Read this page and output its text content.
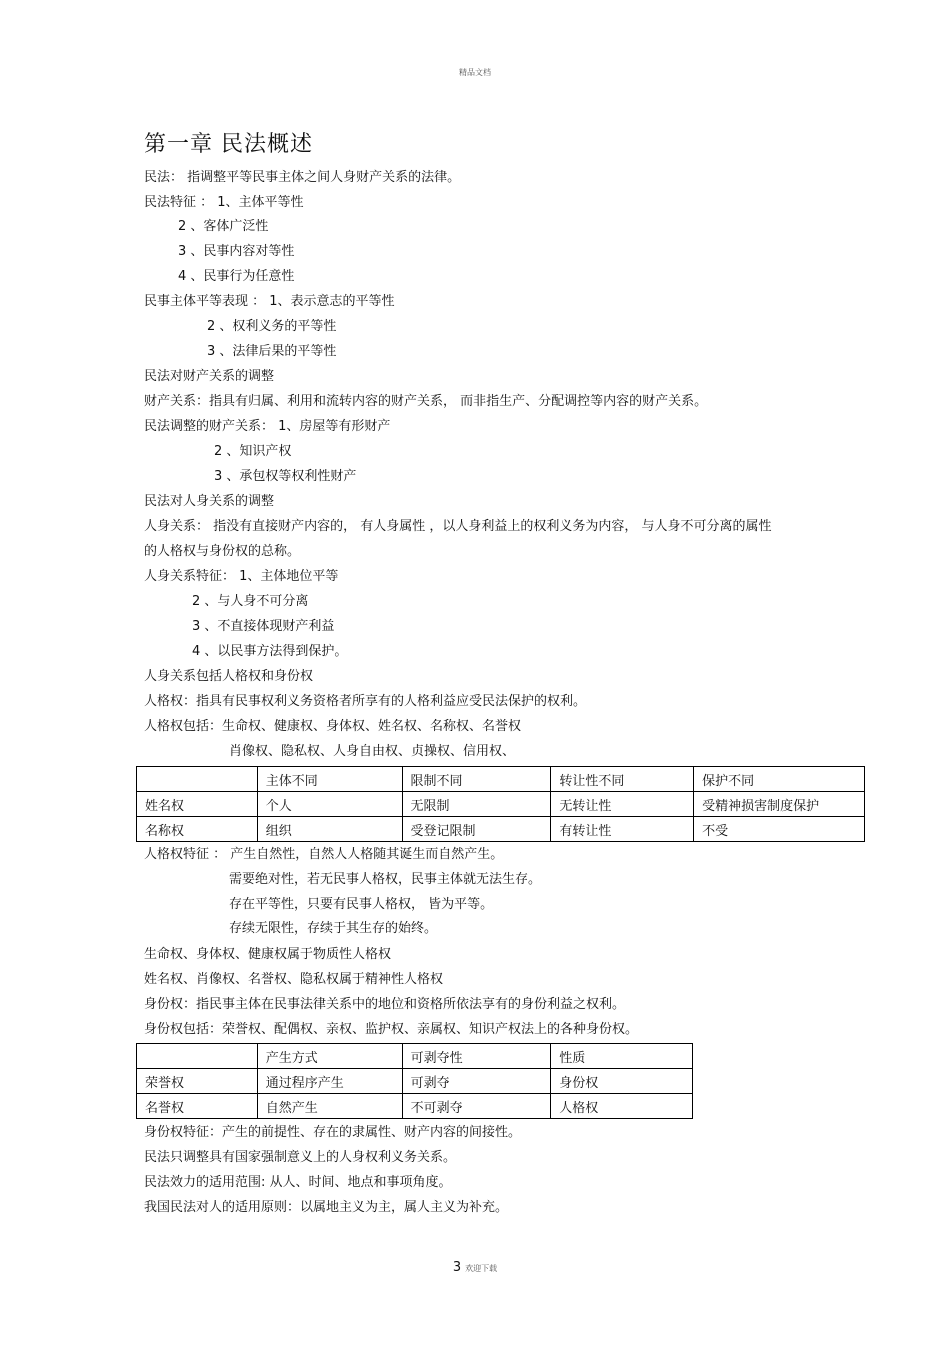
精品文档
第一章 民法概述
民法： 指调整平等民事主体之间人身财产关系的法律。
民法特征 ： 1、主体平等性
2 、客体广泛性
3 、民事内容对等性
4 、民事行为任意性
民事主体平等表现 ： 1、表示意志的平等性
2 、权利义务的平等性
3 、法律后果的平等性
民法对财产关系的调整
财产关系：指具有归属、利用和流转内容的财产关系， 而非指生产、分配调控等内容的财产关系。
民法调整的财产关系： 1、房屋等有形财产
2 、知识产权
3 、承包权等权利性财产
民法对人身关系的调整
人身关系： 指没有直接财产内容的， 有人身属性 ，以人身利益上的权利义务为内容， 与人身不可分离的属性
的人格权与身份权的总称。
人身关系特征： 1、主体地位平等
2 、与人身不可分离
3 、不直接体现财产利益
4 、以民事方法得到保护。
人身关系包括人格权和身份权
人格权：指具有民事权利义务资格者所享有的人格利益应受民法保护的权利。
人格权包括：生命权、健康权、身体权、姓名权、名称权、名誉权
肖像权、隐私权、人身自由权、贞操权、信用权、
人格权特征 ： 产生自然性，自然人人格随其诞生而自然产生。
需要绝对性，若无民事人格权，民事主体就无法生存。
存在平等性，只要有民事人格权， 皆为平等。
存续无限性，存续于其生存的始终。
生命权、身体权、健康权属于物质性人格权
姓名权、肖像权、名誉权、隐私权属于精神性人格权
身份权：指民事主体在民事法律关系中的地位和资格所依法享有的身份利益之权利。
身份权包括：荣誉权、配偶权、亲权、监护权、亲属权、知识产权法上的各种身份权。
身份权特征：产生的前提性、存在的隶属性、财产内容的间接性。
民法只调整具有国家强制意义上的人身权利义务关系。
民法效力的适用范围: 从人、时间、地点和事项角度。
我国民法对人的适用原则：以属地主义为主，属人主义为补充。
	主体不同	限制不同	转让性不同	保护不同
姓名权	个人	无限制	无转让性	受精神损害制度保护
名称权	组织	受登记限制	有转让性	不受
	产生方式	可剥夺性	性质
荣誉权	通过程序产生	可剥夺	身份权
名誉权	自然产生	不可剥夺	人格权
3 欢迎下载
